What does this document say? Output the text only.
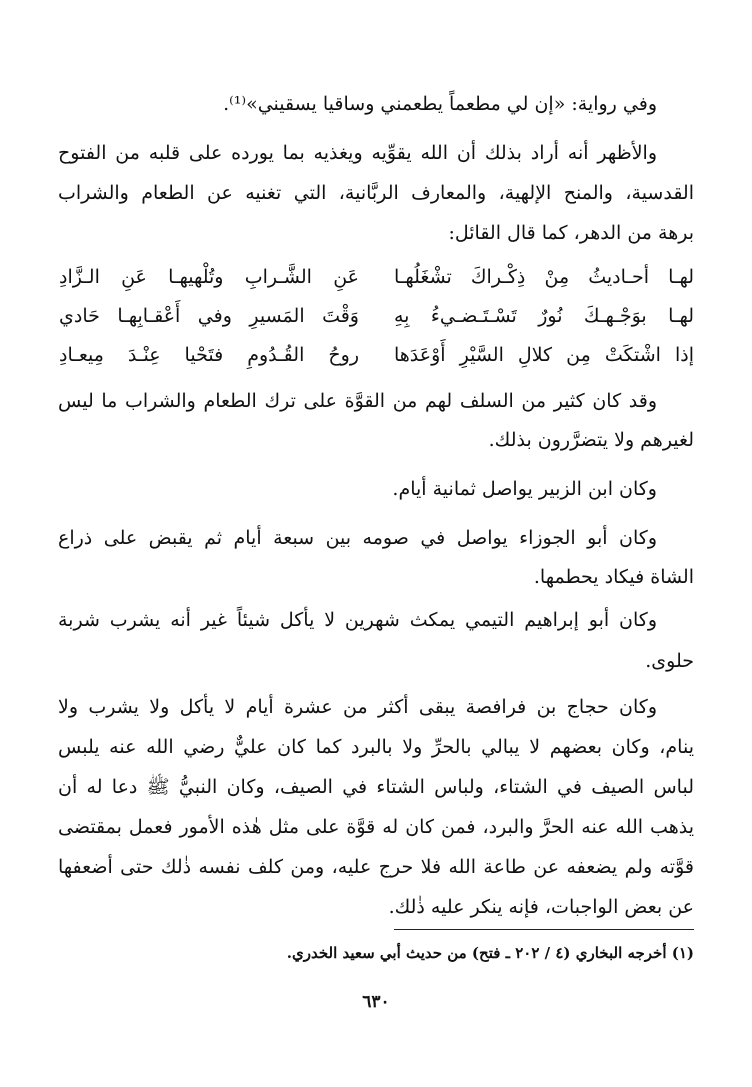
وفي رواية: «إن لي مطعماً يطعمني وساقيا يسقيني»⁽¹⁾.

والأظهر أنه أراد بذلك أن الله يقوِّيه ويغذيه بما يورده على قلبه من الفتوح

القدسية، والمنح الإلهية، والمعارف الربَّانية، التي تغنيه عن الطعام والشراب

برهة من الدهر، كما قال القائل:

لهـا أحـاديثُ مِنْ ذِكْـراكَ تشْغَلُهـا
عَنِ الشَّـرابِ وتُلْهيهـا عَنِ الـزَّادِ
لهـا بوَجْـهـكَ نُورٌ تَسْـتَـضـيءُ بِهِ
وَقْتَ المَسيرِ وفي أَعْقـابِهـا حَادي
إذا اشْتكَتْ مِن كلالِ السَّيْرِ أَوْعَدَها
روحُ القُـدُومِ فتَحْيا عِنْـدَ مِيعـادِ

وقد كان كثير من السلف لهم من القوَّة على ترك الطعام والشراب ما ليس

لغيرهم ولا يتضرَّرون بذلك.

وكان ابن الزبير يواصل ثمانية أيام.

وكان أبو الجوزاء يواصل في صومه بين سبعة أيام ثم يقبض على ذراع

الشاة فيكاد يحطمها.

وكان أبو إبراهيم التيمي يمكث شهرين لا يأكل شيئاً غير أنه يشرب شربة

حلوى.

وكان حجاج بن فرافصة يبقى أكثر من عشرة أيام لا يأكل ولا يشرب ولا

ينام، وكان بعضهم لا يبالي بالحرِّ ولا بالبرد كما كان عليٌّ رضي الله عنه يلبس

لباس الصيف في الشتاء، ولباس الشتاء في الصيف، وكان النبيُّ ﷺ دعا له أن

يذهب الله عنه الحرَّ والبرد، فمن كان له قوَّة على مثل هٰذه الأمور فعمل بمقتضى

قوَّته ولم يضعفه عن طاعة الله فلا حرج عليه، ومن كلف نفسه ذٰلك حتى أضعفها

عن بعض الواجبات، فإنه ينكر عليه ذٰلك.

(١) أخرجه البخاري (٤ / ٢٠٢ ـ فتح) من حديث أبي سعيد الخدري.
٦٣٠
